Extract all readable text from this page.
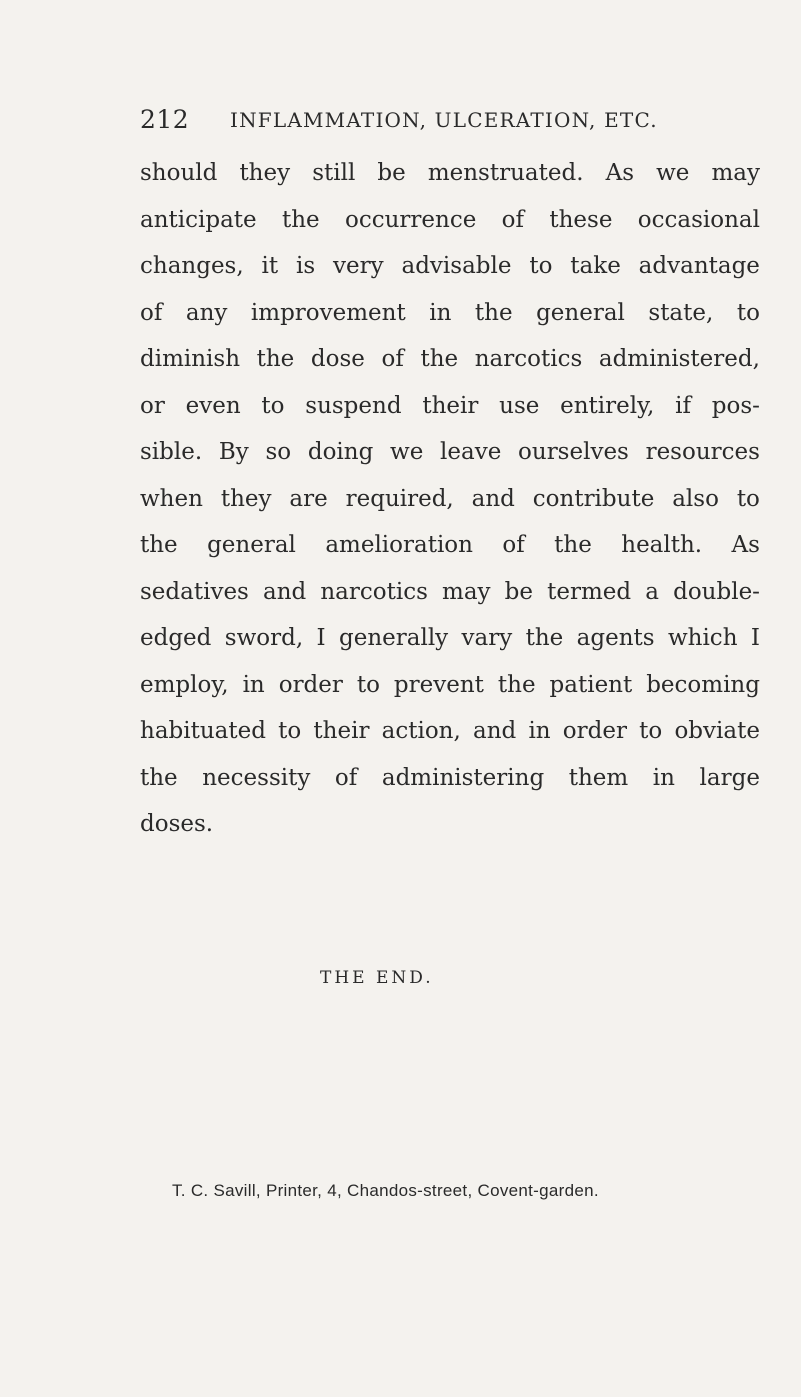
212 INFLAMMATION, ULCERATION, ETC.
should they still be menstruated. As we may
anticipate the occurrence of these occasional
changes, it is very advisable to take advantage
of any improvement in the general state, to
diminish the dose of the narcotics administered,
or even to suspend their use entirely, if pos-
sible. By so doing we leave ourselves resources
when they are required, and contribute also to
the general amelioration of the health. As
sedatives and narcotics may be termed a double-
edged sword, I generally vary the agents which I
employ, in order to prevent the patient becoming
habituated to their action, and in order to obviate
the necessity of administering them in large
doses.
THE END.
T. C. Savill, Printer, 4, Chandos-street, Covent-garden.
